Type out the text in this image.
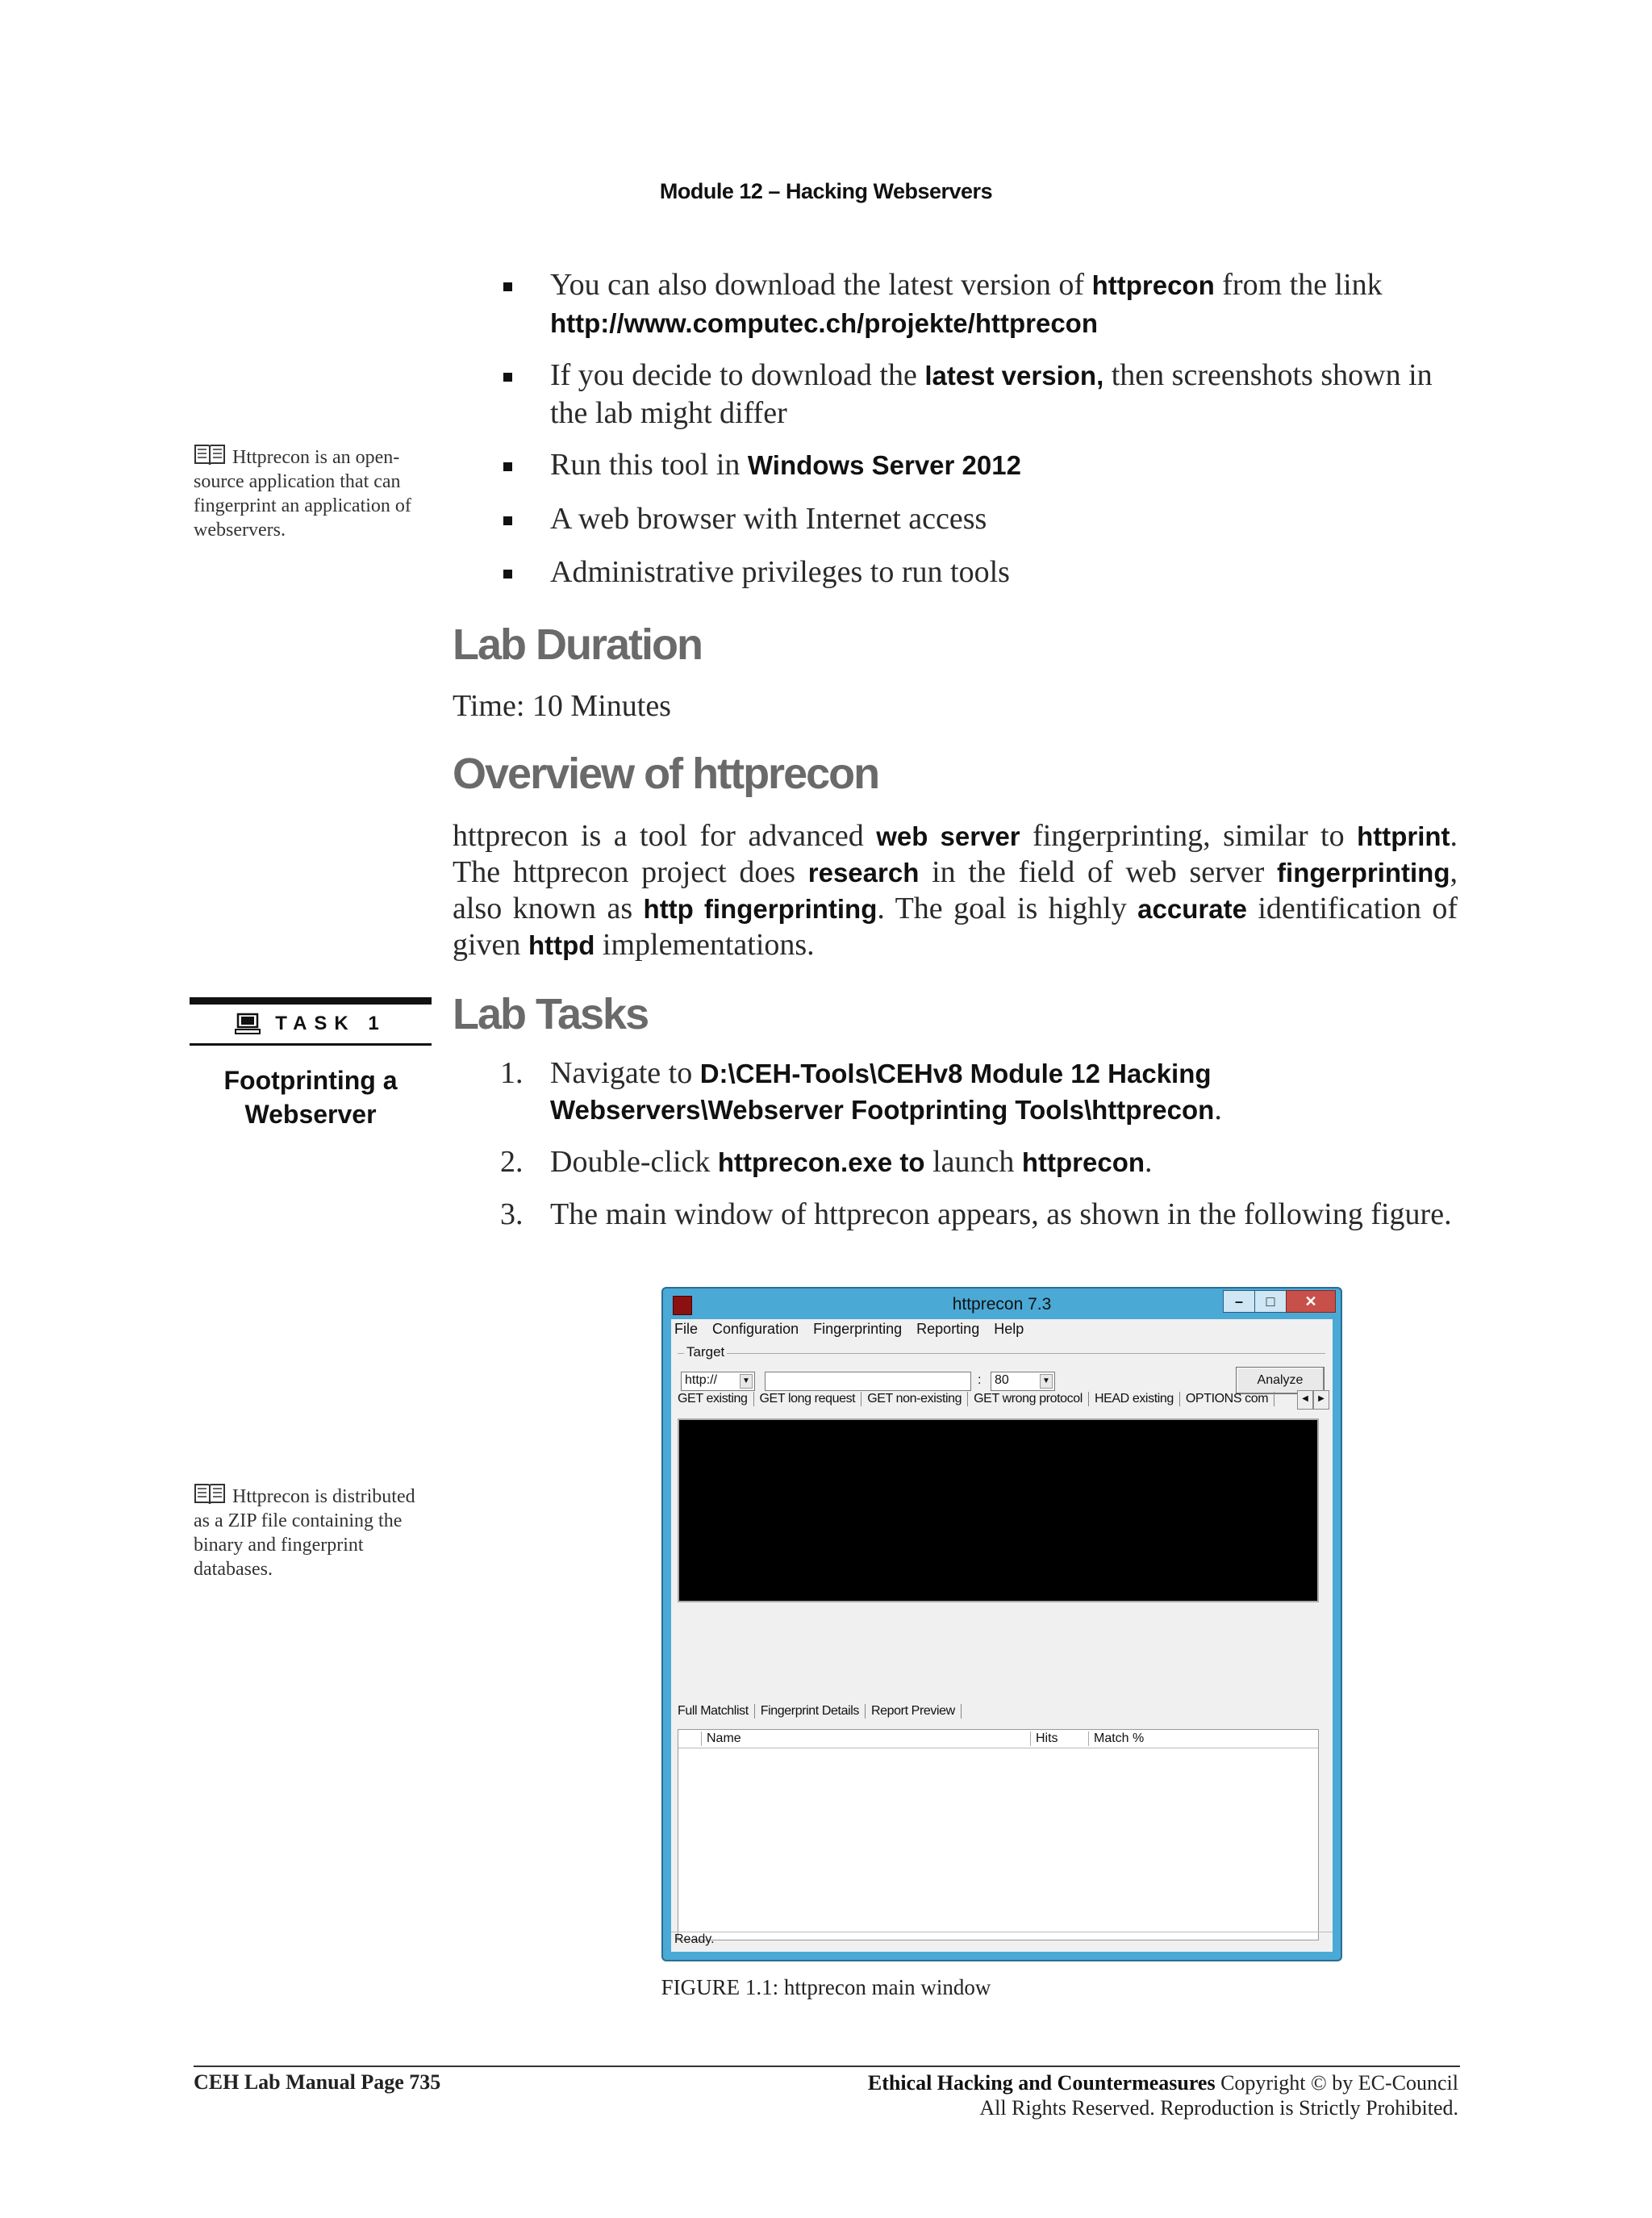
Module 12 – Hacking Webservers
You can also download the latest version of httprecon from the link
http://www.computec.ch/projekte/httprecon
If you decide to download the latest version, then screenshots shown in the lab might differ
Run this tool in Windows Server 2012
A web browser with Internet access
Administrative privileges to run tools
Httprecon is an open-source application that can fingerprint an application of webservers.
Lab Duration

Time: 10 Minutes

Overview of httprecon

httprecon is a tool for advanced web server fingerprinting, similar to httprint. The httprecon project does research in the field of web server fingerprinting, also known as http fingerprinting. The goal is highly accurate identification of given httpd implementations.

TASK 1
Footprinting a Webserver
Lab Tasks
1. Navigate to D:\CEH-Tools\CEHv8 Module 12 Hacking Webservers\Webserver Footprinting Tools\httprecon.
2. Double-click httprecon.exe to launch httprecon.
3. The main window of httprecon appears, as shown in the following figure.
Httprecon is distributed as a ZIP file containing the binary and fingerprint databases.
httprecon 7.3	–	□	✕
File Configuration Fingerprinting Reporting Help
Target
http://	▼	:	80	▼	Analyze
GET existing GET long request GET non-existing GET wrong protocol HEAD existing OPTIONS com	◀	▶
Full Matchlist Fingerprint Details Report Preview
Name	Hits	Match %
Ready.
FIGURE 1.1: httprecon main window
CEH Lab Manual Page 735	Ethical Hacking and Countermeasures Copyright © by EC-Council
All Rights Reserved. Reproduction is Strictly Prohibited.
